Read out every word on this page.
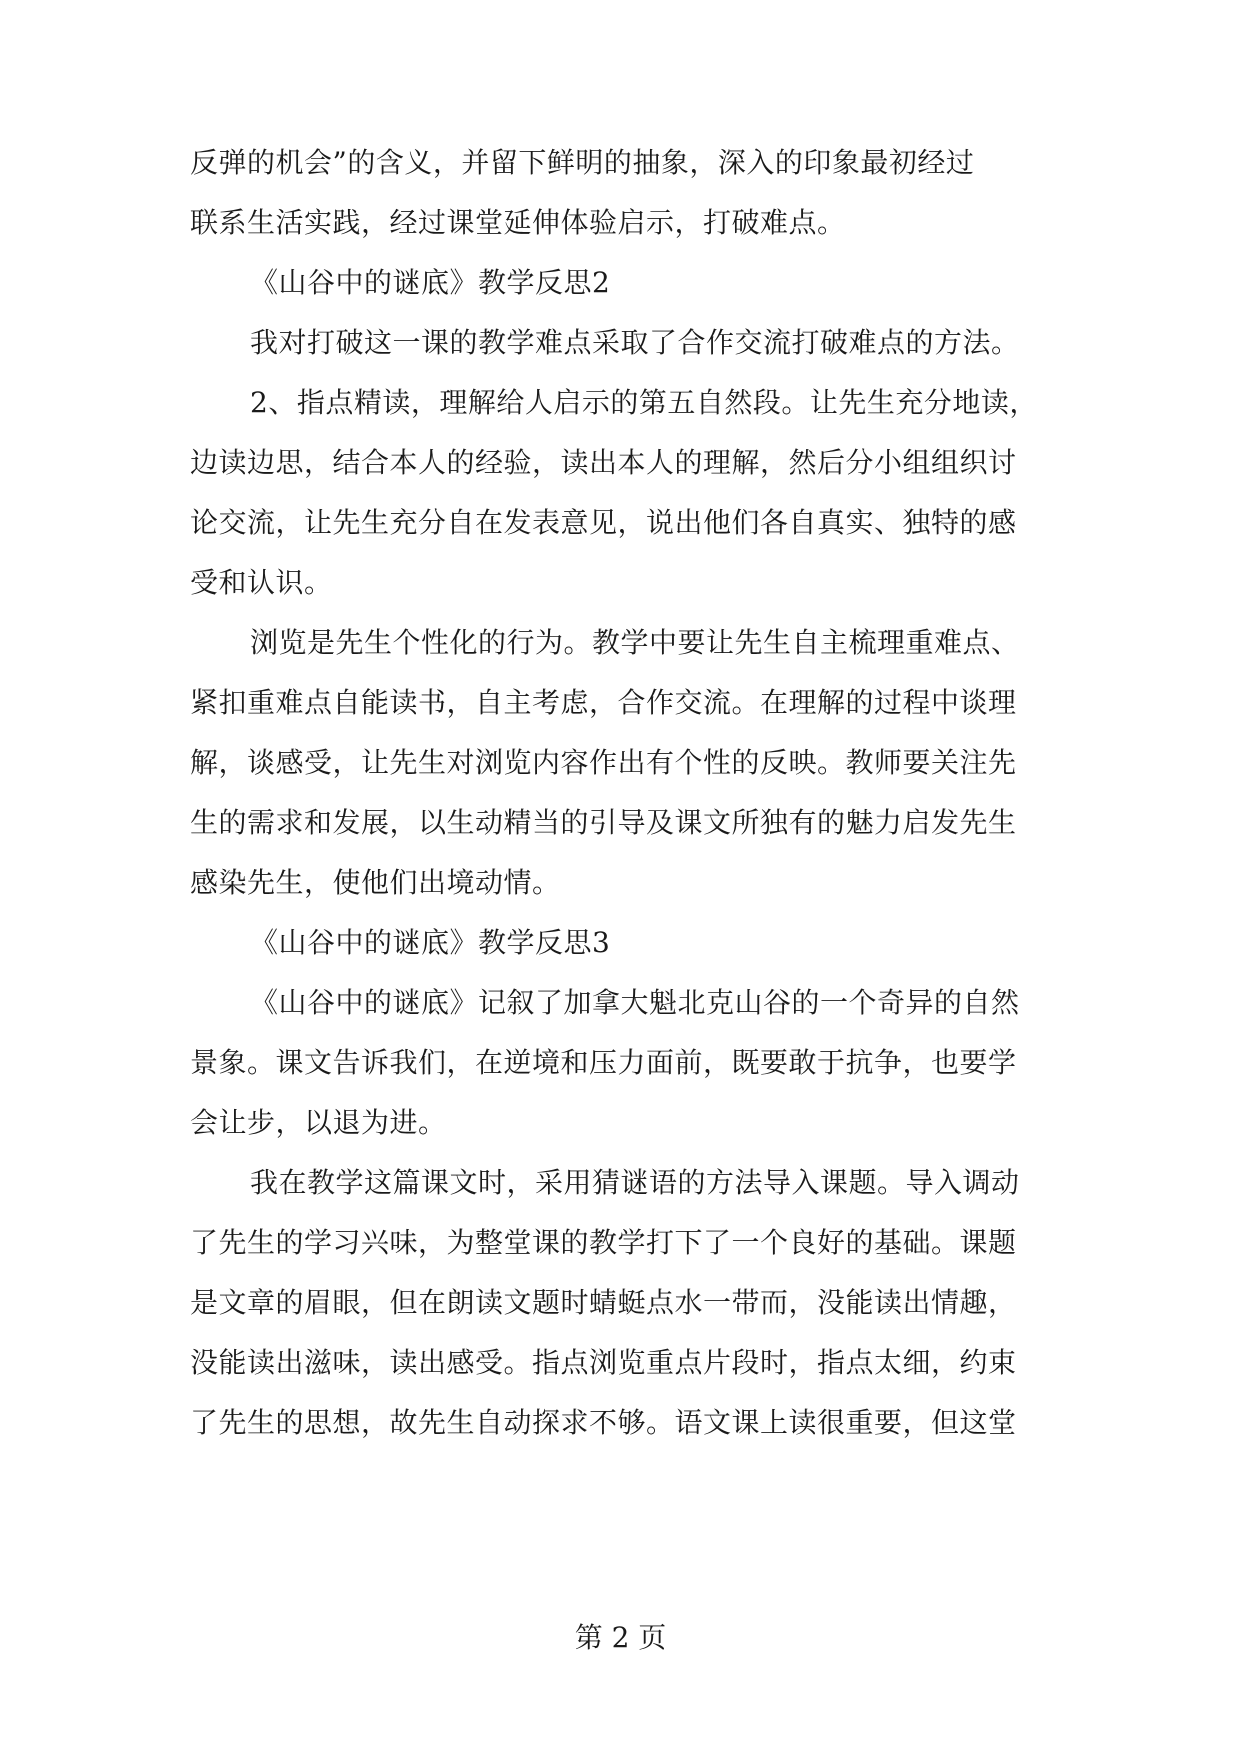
反弹的机会”的含义，并留下鲜明的抽象，深入的印象最初经过
联系生活实践，经过课堂延伸体验启示，打破难点。
《山谷中的谜底》教学反思2
我对打破这一课的教学难点采取了合作交流打破难点的方法。
2、指点精读，理解给人启示的第五自然段。让先生充分地读，
边读边思，结合本人的经验，读出本人的理解，然后分小组组织讨
论交流，让先生充分自在发表意见，说出他们各自真实、独特的感
受和认识。
浏览是先生个性化的行为。教学中要让先生自主梳理重难点、
紧扣重难点自能读书，自主考虑，合作交流。在理解的过程中谈理
解，谈感受，让先生对浏览内容作出有个性的反映。教师要关注先
生的需求和发展，以生动精当的引导及课文所独有的魅力启发先生
感染先生，使他们出境动情。
《山谷中的谜底》教学反思3
《山谷中的谜底》记叙了加拿大魁北克山谷的一个奇异的自然
景象。课文告诉我们，在逆境和压力面前，既要敢于抗争，也要学
会让步，以退为进。
我在教学这篇课文时，采用猜谜语的方法导入课题。导入调动
了先生的学习兴味，为整堂课的教学打下了一个良好的基础。课题
是文章的眉眼，但在朗读文题时蜻蜓点水一带而，没能读出情趣，
没能读出滋味，读出感受。指点浏览重点片段时，指点太细，约束
了先生的思想，故先生自动探求不够。语文课上读很重要，但这堂
第 2 页
